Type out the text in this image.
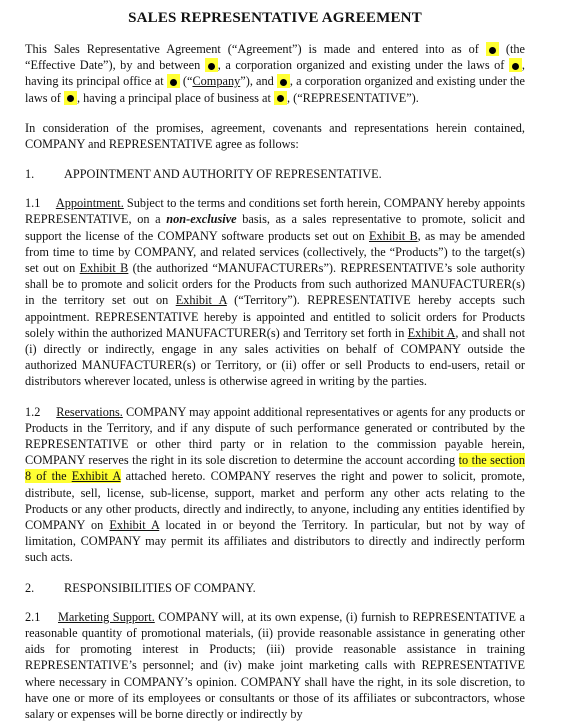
SALES REPRESENTATIVE AGREEMENT

This Sales Representative Agreement (“Agreement”) is made and entered into as of  (the “Effective Date”), by and between , a corporation organized and existing under the laws of , having its principal office at  (“Company”), and , a corporation organized and existing under the laws of , having a principal place of business at , (“REPRESENTATIVE”).

In consideration of the promises, agreement, covenants and representations herein contained, COMPANY and REPRESENTATIVE agree as follows:

1.	APPOINTMENT AND AUTHORITY OF REPRESENTATIVE.

1.1 Appointment. Subject to the terms and conditions set forth herein, COMPANY hereby appoints REPRESENTATIVE, on a non-exclusive basis, as a sales representative to promote, solicit and support the license of the COMPANY software products set out on Exhibit B, as may be amended from time to time by COMPANY, and related services (collectively, the “Products”) to the target(s) set out on Exhibit B (the authorized “MANUFACTURERs”). REPRESENTATIVE’s sole authority shall be to promote and solicit orders for the Products from such authorized MANUFACTURER(s) in the territory set out on Exhibit A (“Territory”). REPRESENTATIVE hereby accepts such appointment. REPRESENTATIVE hereby is appointed and entitled to solicit orders for Products solely within the authorized MANUFACTURER(s) and Territory set forth in Exhibit A, and shall not (i) directly or indirectly, engage in any sales activities on behalf of COMPANY outside the authorized MANUFACTURER(s) or Territory, or (ii) offer or sell Products to end-users, retail or distributors wherever located, unless is otherwise agreed in writing by the parties.

1.2 Reservations. COMPANY may appoint additional representatives or agents for any products or Products in the Territory, and if any dispute of such performance generated or contributed by the REPRESENTATIVE or other third party or in relation to the commission payable herein, COMPANY reserves the right in its sole discretion to determine the account according to the section 8 of the Exhibit A attached hereto. COMPANY reserves the right and power to solicit, promote, distribute, sell, license, sub-license, support, market and perform any other acts relating to the Products or any other products, directly and indirectly, to anyone, including any entities identified by COMPANY on Exhibit A located in or beyond the Territory. In particular, but not by way of limitation, COMPANY may permit its affiliates and distributors to directly and indirectly perform such acts.

2.	RESPONSIBILITIES OF COMPANY.

2.1 Marketing Support. COMPANY will, at its own expense, (i) furnish to REPRESENTATIVE a reasonable quantity of promotional materials, (ii) provide reasonable assistance in generating other aids for promoting interest in Products; (iii) provide reasonable assistance in training REPRESENTATIVE’s personnel; and (iv) make joint marketing calls with REPRESENTATIVE where necessary in COMPANY’s opinion. COMPANY shall have the right, in its sole discretion, to have one or more of its employees or consultants or those of its affiliates or subcontractors, whose salary or expenses will be borne directly or indirectly by
